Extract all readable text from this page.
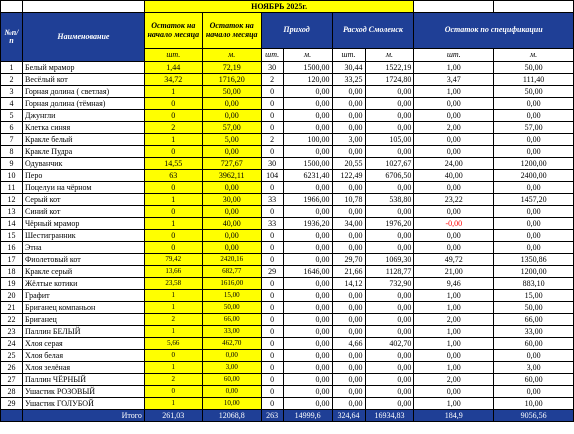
		НОЯБРЬ 2025г.							
№п/п	Наименование	Остаток на начало месяца	Остаток на начало месяца	Приход		Расход Смоленск		Остаток по спецификации	
		шт.	м.	шт.	м.	шт.	м.	шт.	м.
1	Белый мрамор	1,44	72,19	30	1500,00	30,44	1522,19	1,00	50,00
2	Весёлый кот	34,72	1716,20	2	120,00	33,25	1724,80	3,47	111,40
3	Горная долина ( светлая)	1	50,00	0	0,00	0,00	0,00	1,00	50,00
4	Горная долина (тёмная)	0	0,00	0	0,00	0,00	0,00	0,00	0,00
5	Джунгли	0	0,00	0	0,00	0,00	0,00	0,00	0,00
6	Клетка синяя	2	57,00	0	0,00	0,00	0,00	2,00	57,00
7	Кракле белый	1	5,00	2	100,00	3,00	105,00	0,00	0,00
8	Кракле Пудра	0	0,00	0	0,00	0,00	0,00	0,00	0,00
9	Одуванчик	14,55	727,67	30	1500,00	20,55	1027,67	24,00	1200,00
10	Перо	63	3962,11	104	6231,40	122,49	6706,50	40,00	2400,00
11	Поцелуи на чёрном	0	0,00	0	0,00	0,00	0,00	0,00	0,00
12	Серый кот	1	30,00	33	1966,00	10,78	538,80	23,22	1457,20
13	Синий кот	0	0,00	0	0,00	0,00	0,00	0,00	0,00
14	Чёрный мрамор	1	40,00	33	1936,20	34,00	1976,20	-0,00	0,00
15	Шестигранник	0	0,00	0	0,00	0,00	0,00	0,00	0,00
16	Этна	0	0,00	0	0,00	0,00	0,00	0,00	0,00
17	Фиолетовый кот	79,42	2420,16	0	0,00	29,70	1069,30	49,72	1350,86
18	Кракле серый	13,66	682,77	29	1646,00	21,66	1128,77	21,00	1200,00
19	Жёлтые котики	23,58	1616,00	0	0,00	14,12	732,90	9,46	883,10
20	Графит	1	15,00	0	0,00	0,00	0,00	1,00	15,00
21	Бриганец компаньон	1	50,00	0	0,00	0,00	0,00	1,00	50,00
22	Бриганец	2	66,00	0	0,00	0,00	0,00	2,00	66,00
23	Паллин БЕЛЫЙ	1	33,00	0	0,00	0,00	0,00	1,00	33,00
24	Хлоя серая	5,66	462,70	0	0,00	4,66	402,70	1,00	60,00
25	Хлоя белая	0	0,00	0	0,00	0,00	0,00	0,00	0,00
26	Хлоя зелёная	1	3,00	0	0,00	0,00	0,00	1,00	3,00
27	Паллин ЧЁРНЫЙ	2	60,00	0	0,00	0,00	0,00	2,00	60,00
28	Ушастик РОЗОВЫЙ	0	0,00	0	0,00	0,00	0,00	0,00	0,00
29	Ушастик ГОЛУБОЙ	1	10,00	0	0,00	0,00	0,00	1,00	10,00
	Итого	261,03	12068,8	263	14999,6	324,64	16934,83	184,9	9056,56
